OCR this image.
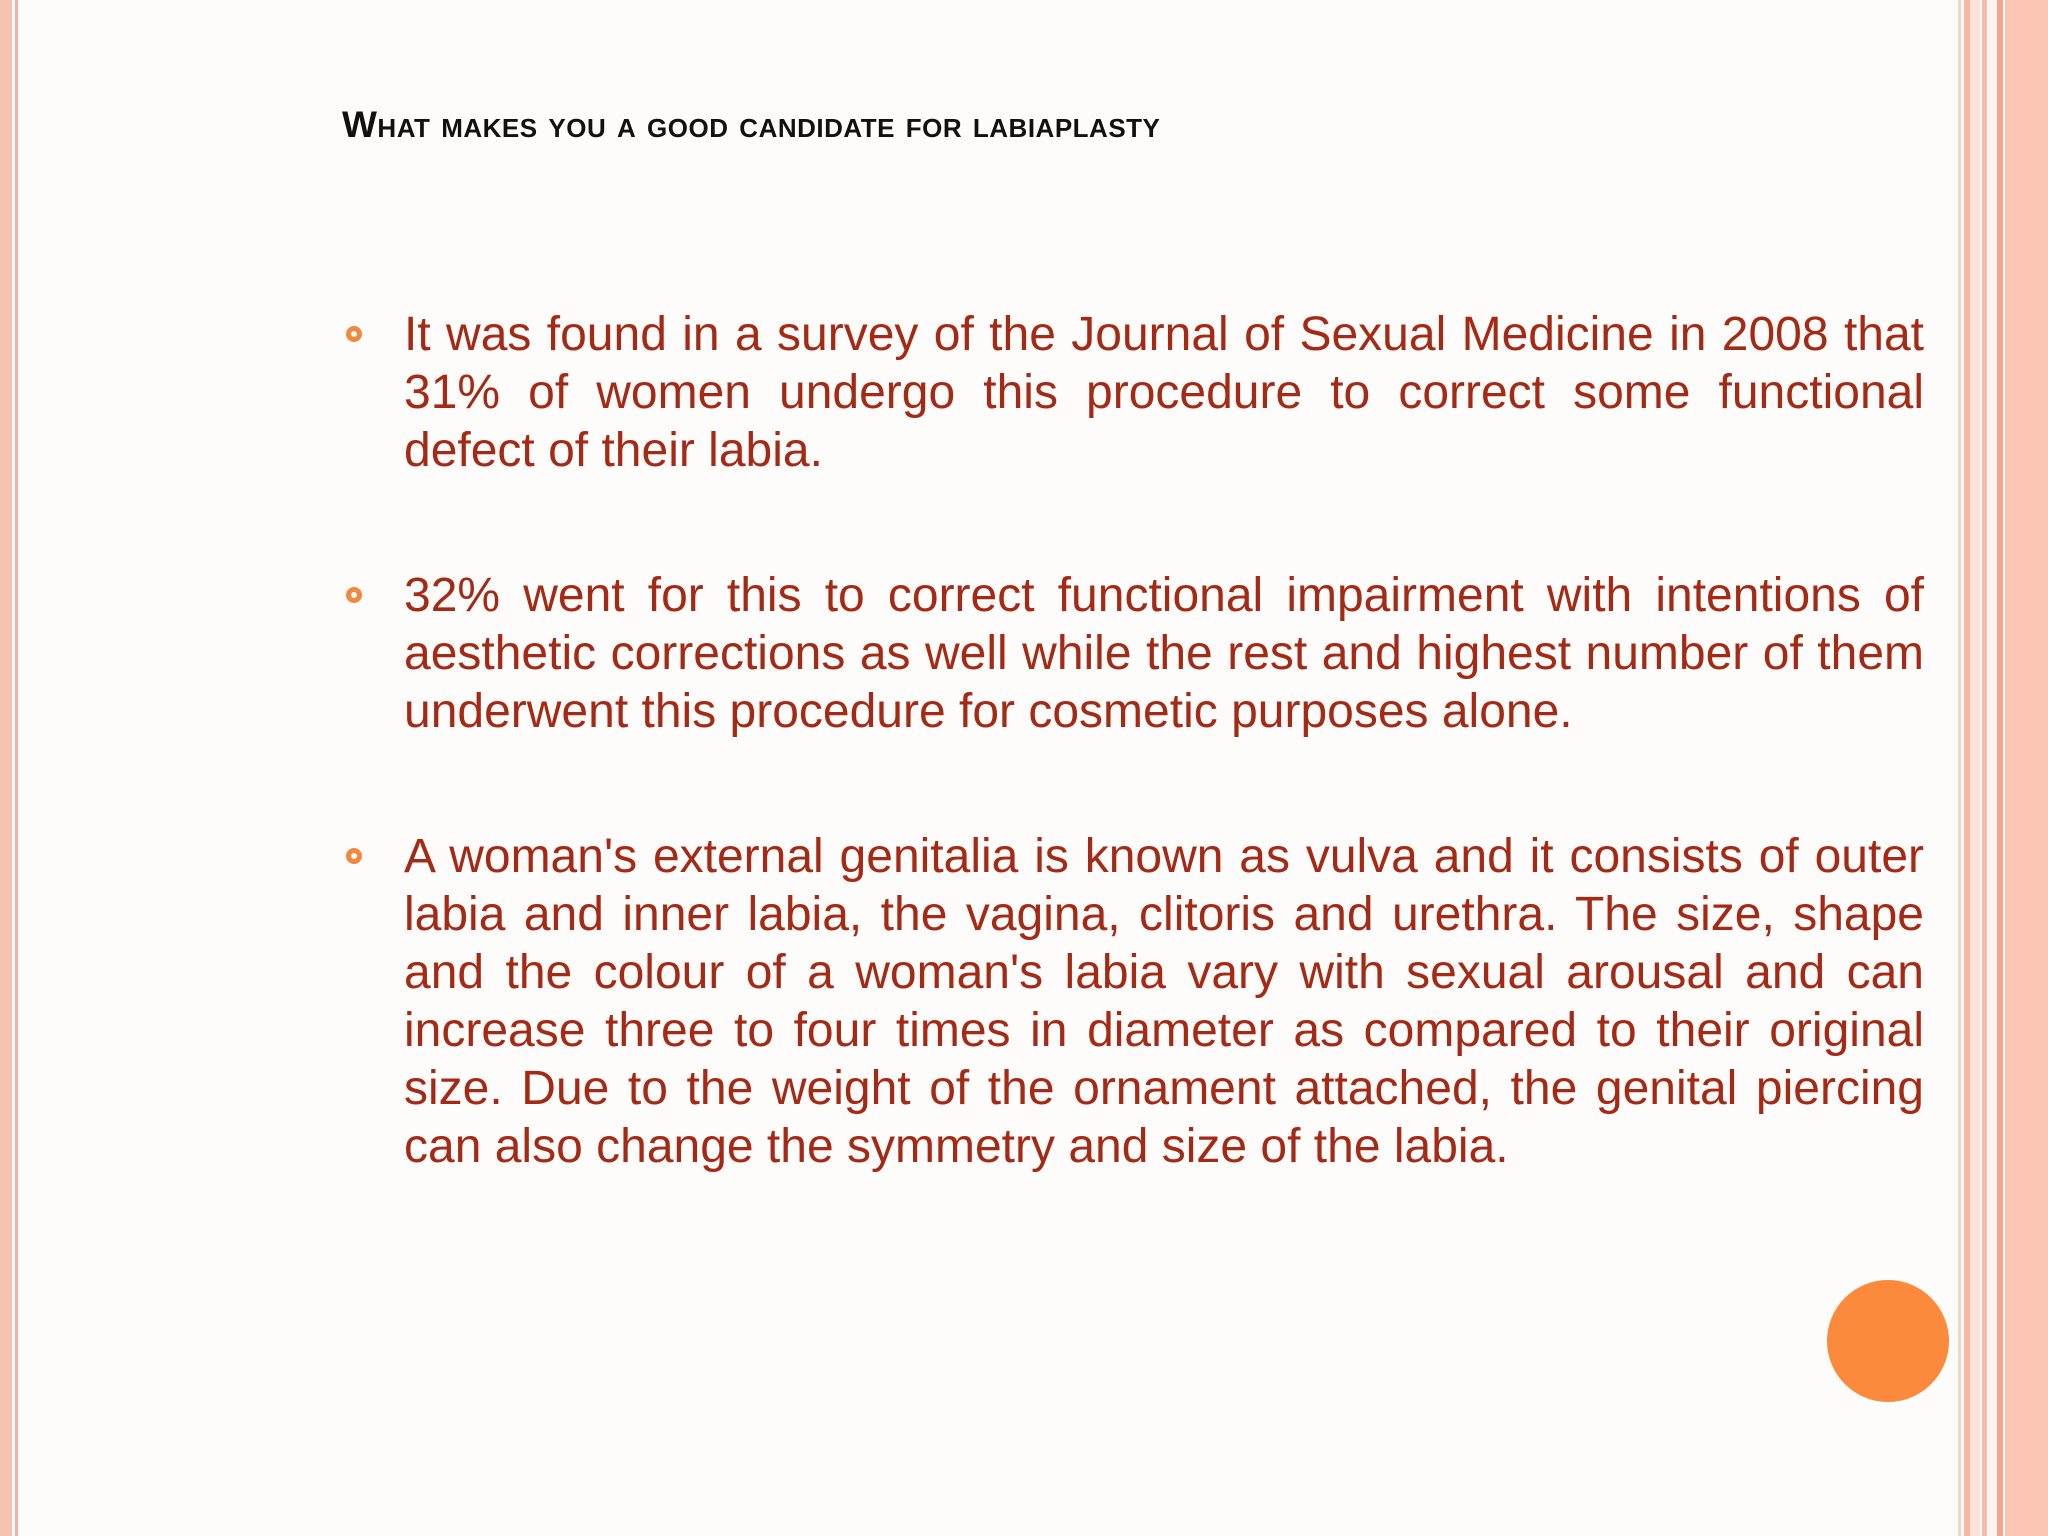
What makes you a good candidate for labiaplasty
It was found in a survey of the Journal of Sexual Medicine in 2008 that 31% of women undergo this procedure to correct some functional defect of their labia.
32% went for this to correct functional impairment with intentions of aesthetic corrections as well while the rest and highest number of them underwent this procedure for cosmetic purposes alone.
A woman's external genitalia is known as vulva and it consists of outer labia and inner labia, the vagina, clitoris and urethra. The size, shape and the colour of a woman's labia vary with sexual arousal and can increase three to four times in diameter as compared to their original size. Due to the weight of the ornament attached, the genital piercing can also change the symmetry and size of the labia.
